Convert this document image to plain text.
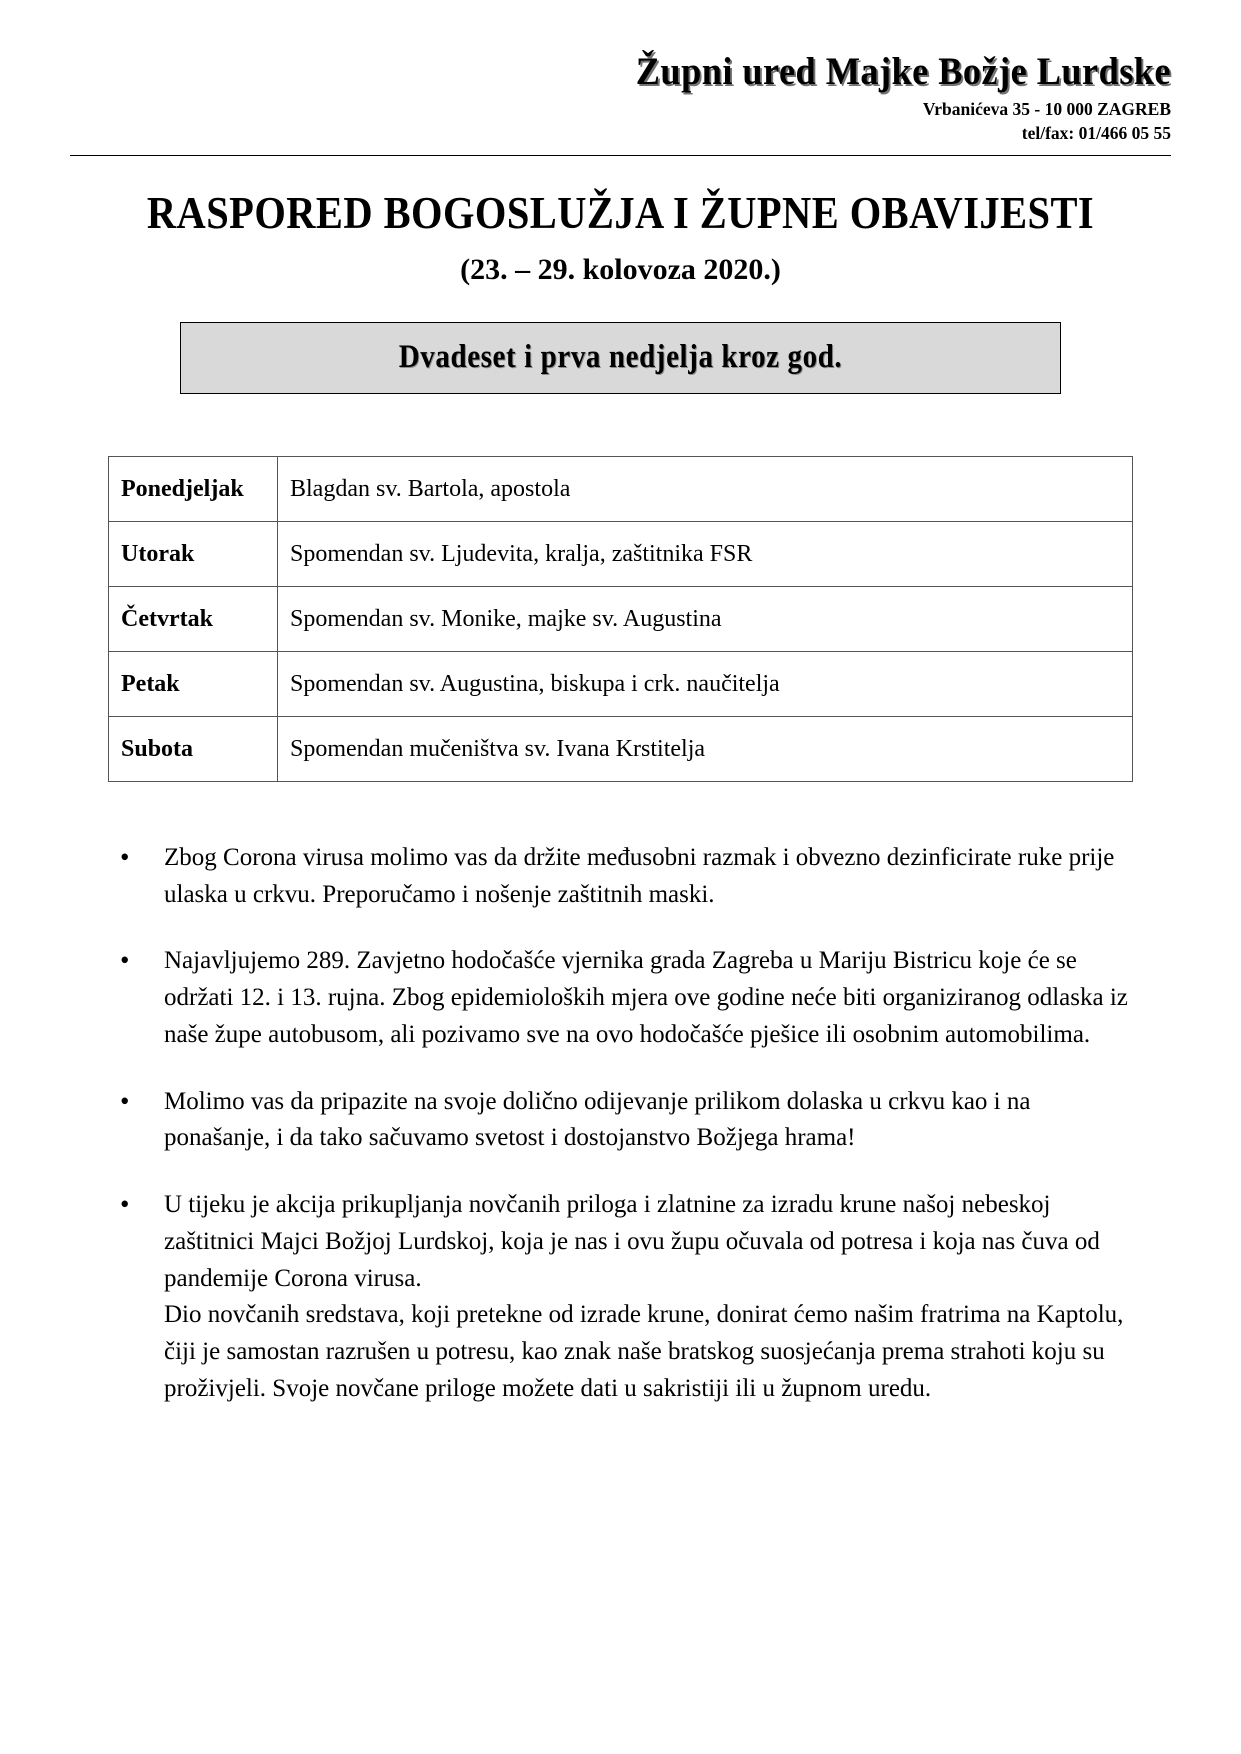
Župni ured Majke Božje Lurdske
Vrbanićeva 35 - 10 000 ZAGREB
tel/fax: 01/466 05 55
RASPORED BOGOSLUŽJA I ŽUPNE OBAVIJESTI
(23. – 29. kolovoza 2020.)
Dvadeset i prva nedjelja kroz god.
Ponedjeljak	Blagdan sv. Bartola, apostola
Utorak	Spomendan sv. Ljudevita, kralja, zaštitnika FSR
Četvrtak	Spomendan sv. Monike, majke sv. Augustina
Petak	Spomendan sv. Augustina, biskupa i crk. naučitelja
Subota	Spomendan mučeništva sv. Ivana Krstitelja

• Zbog Corona virusa molimo vas da držite međusobni razmak i obvezno dezinficirate ruke prije ulaska u crkvu. Preporučamo i nošenje zaštitnih maski.

• Najavljujemo 289. Zavjetno hodočašće vjernika grada Zagreba u Mariju Bistricu koje će se održati 12. i 13. rujna. Zbog epidemioloških mjera ove godine neće biti organiziranog odlaska iz naše župe autobusom, ali pozivamo sve na ovo hodočašće pješice ili osobnim automobilima.

• Molimo vas da pripazite na svoje dolično odijevanje prilikom dolaska u crkvu kao i na ponašanje, i da tako sačuvamo svetost i dostojanstvo Božjega hrama!

• U tijeku je akcija prikupljanja novčanih priloga i zlatnine za izradu krune našoj nebeskoj zaštitnici Majci Božjoj Lurdskoj, koja je nas i ovu župu očuvala od potresa i koja nas čuva od pandemije Corona virusa.

Dio novčanih sredstava, koji pretekne od izrade krune, donirat ćemo našim fratrima na Kaptolu, čiji je samostan razrušen u potresu, kao znak naše bratskog suosjećanja prema strahoti koju su proživjeli. Svoje novčane priloge možete dati u sakristiji ili u župnom uredu.
